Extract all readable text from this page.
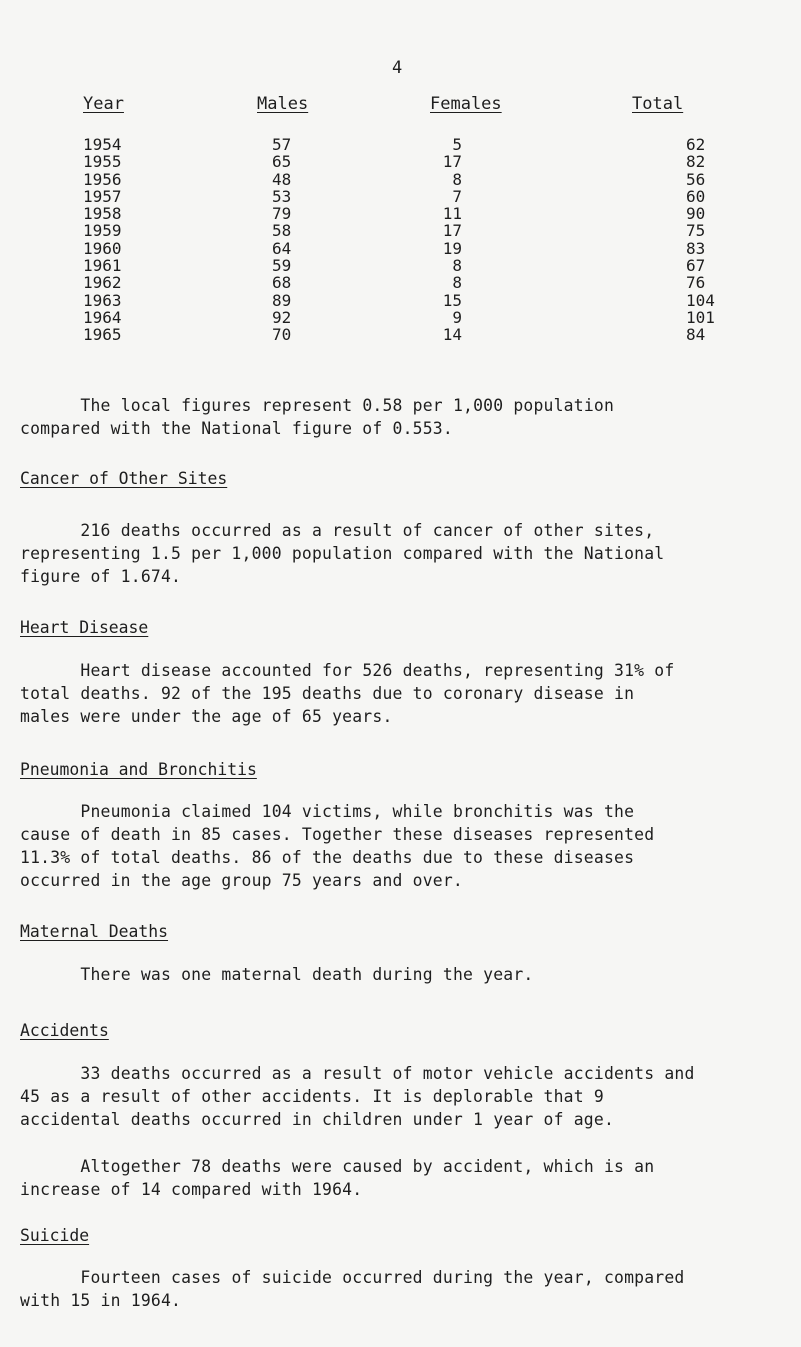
4
Year	Males	Females	Total
1954	57	5	62
1955	65	17	82
1956	48	8	56
1957	53	7	60
1958	79	11	90
1959	58	17	75
1960	64	19	83
1961	59	8	67
1962	68	8	76
1963	89	15	104
1964	92	9	101
1965	70	14	84

The local figures represent 0.58 per 1,000 population
compared with the National figure of 0.553.

Cancer of Other Sites

216 deaths occurred as a result of cancer of other sites,
representing 1.5 per 1,000 population compared with the National
figure of 1.674.

Heart Disease

Heart disease accounted for 526 deaths, representing 31% of
total deaths. 92 of the 195 deaths due to coronary disease in
males were under the age of 65 years.

Pneumonia and Bronchitis

Pneumonia claimed 104 victims, while bronchitis was the
cause of death in 85 cases. Together these diseases represented
11.3% of total deaths. 86 of the deaths due to these diseases
occurred in the age group 75 years and over.

Maternal Deaths

There was one maternal death during the year.

Accidents

33 deaths occurred as a result of motor vehicle accidents and
45 as a result of other accidents. It is deplorable that 9
accidental deaths occurred in children under 1 year of age.

Altogether 78 deaths were caused by accident, which is an
increase of 14 compared with 1964.

Suicide

Fourteen cases of suicide occurred during the year, compared
with 15 in 1964.
